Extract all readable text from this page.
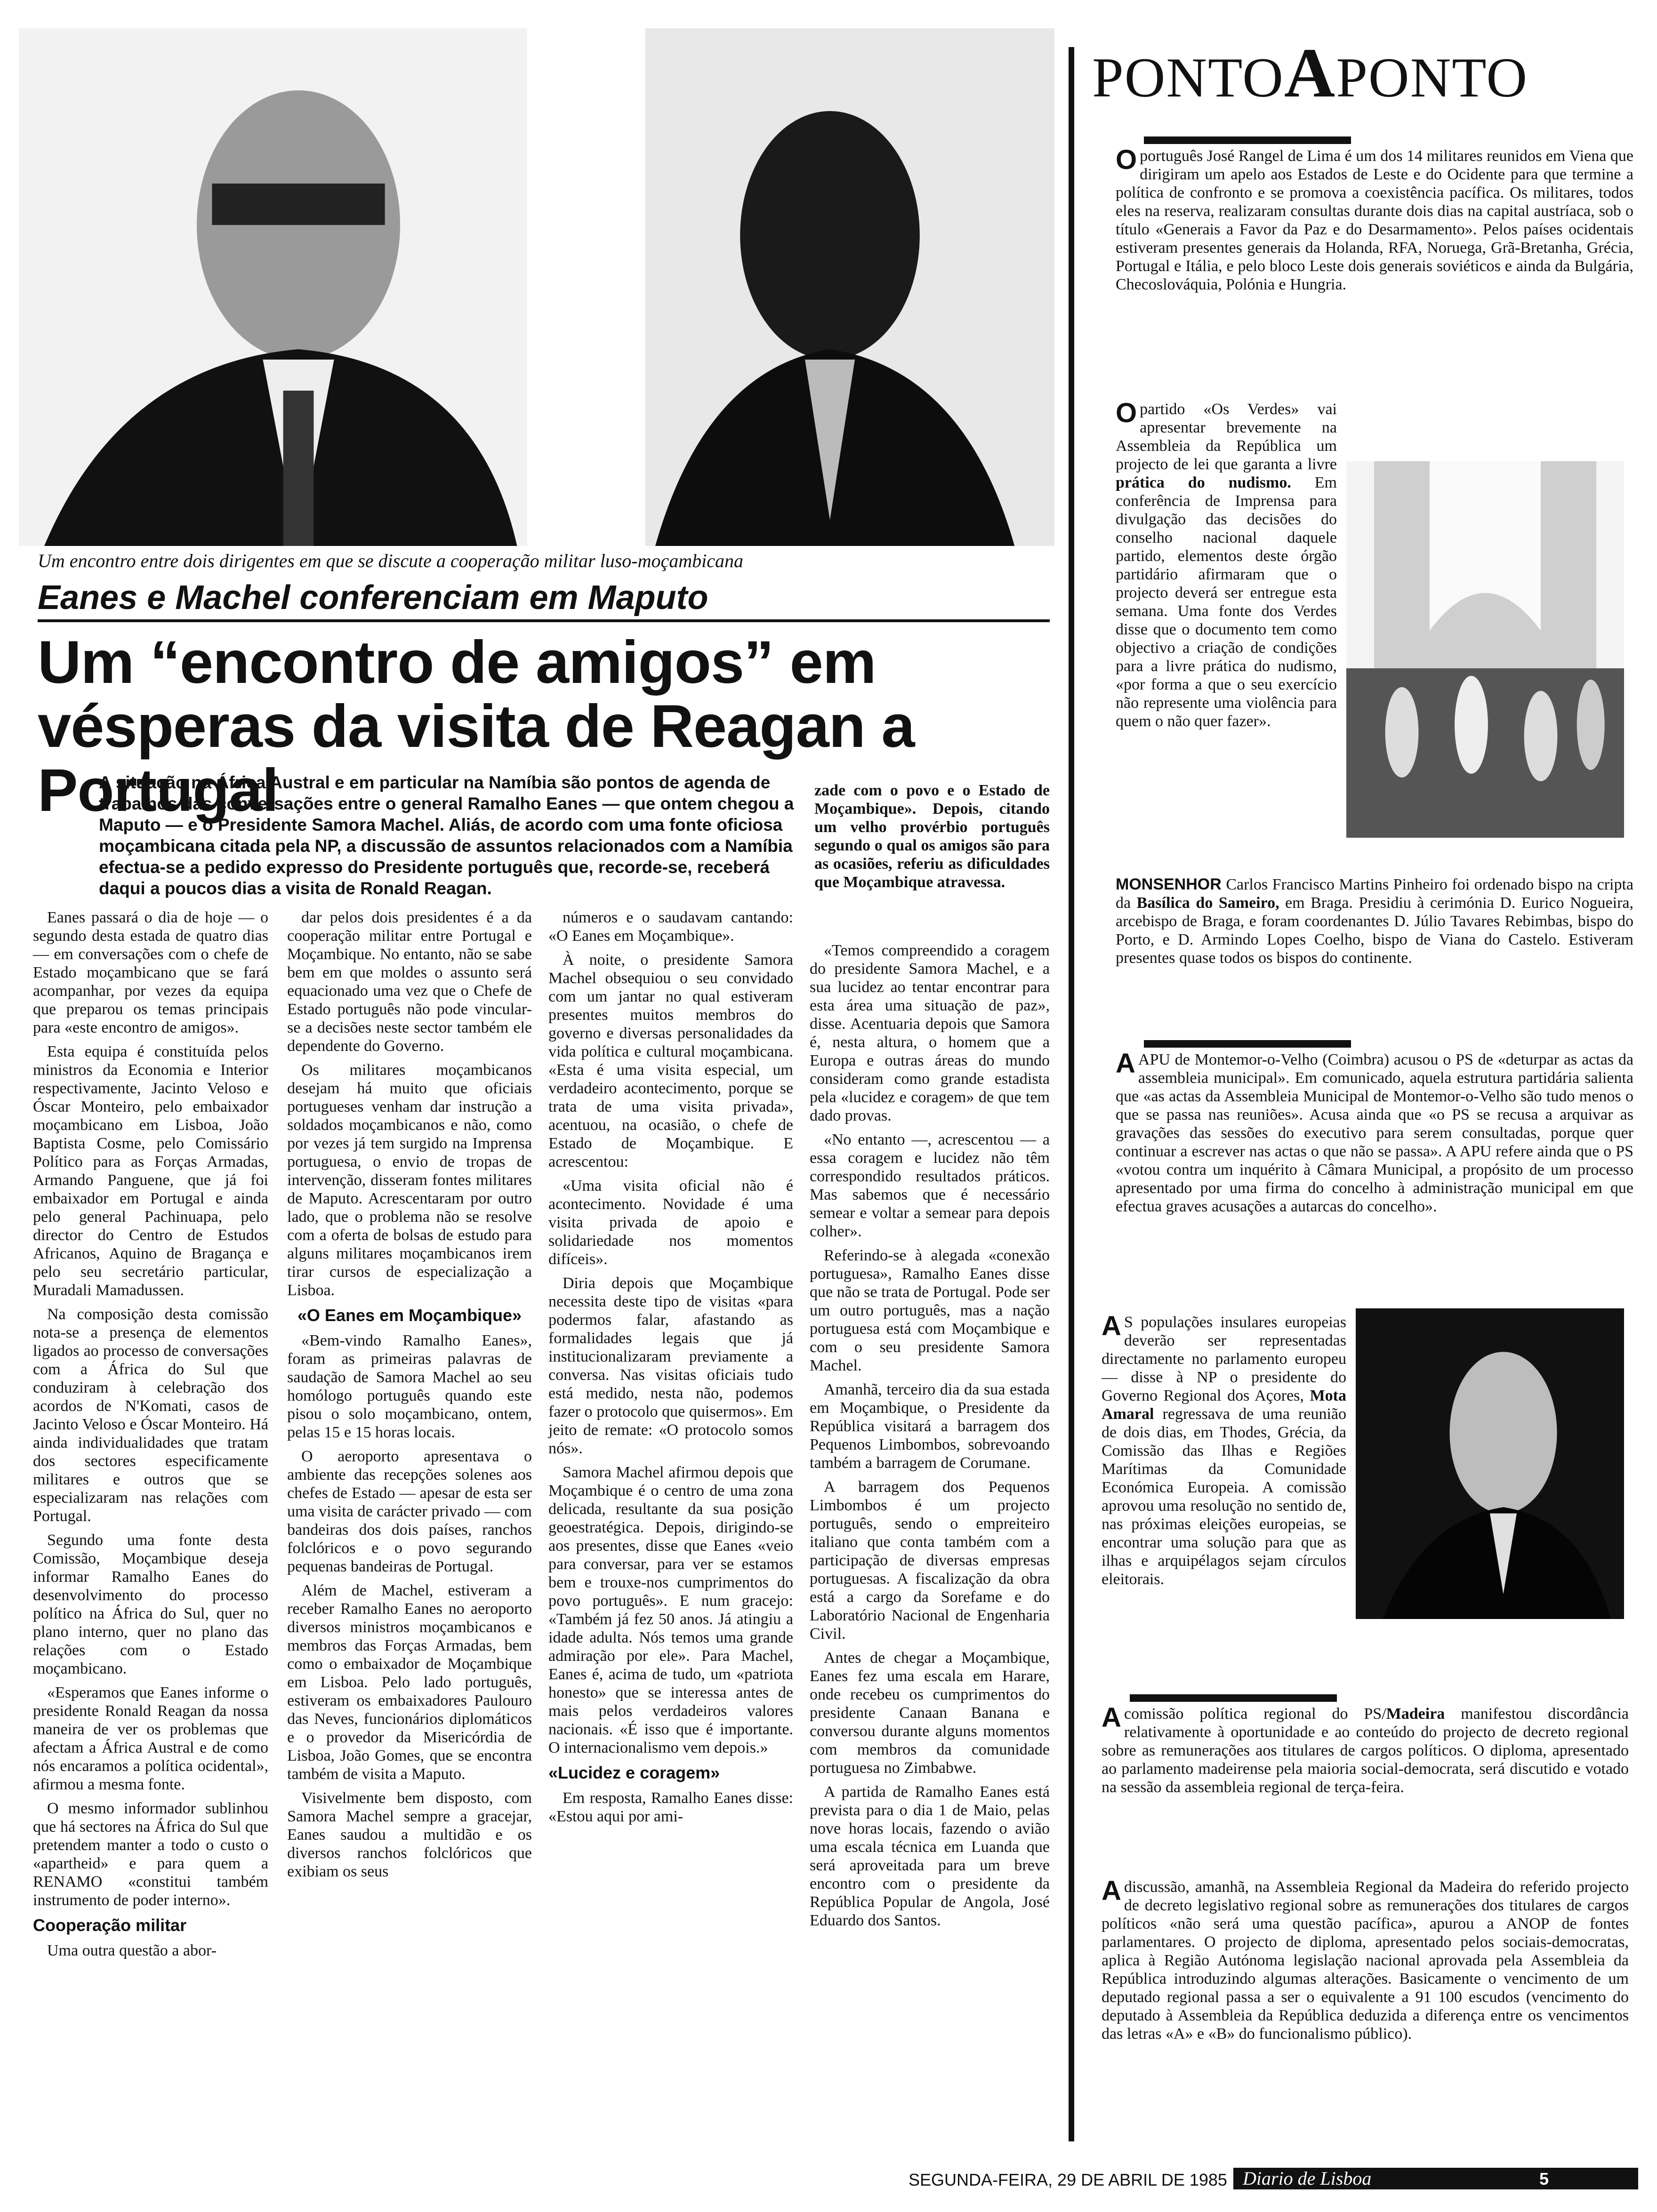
Um encontro entre dois dirigentes em que se discute a cooperação militar luso-moçambicana
Eanes e Machel conferenciam em Maputo
Um “encontro de amigos” em vésperas da visita de Reagan a Portugal
A situação na África Austral e em particular na Namíbia são pontos de agenda de trabalhos das conversações entre o general Ramalho Eanes — que ontem chegou a Maputo — e o Presidente Samora Machel. Aliás, de acordo com uma fonte oficiosa moçambicana citada pela NP, a discussão de assuntos relacionados com a Namíbia efectua-se a pedido expresso do Presidente português que, recorde-se, receberá daqui a poucos dias a visita de Ronald Reagan.
zade com o povo e o Estado de Moçambique». Depois, citando um velho provérbio português segundo o qual os amigos são para as ocasiões, referiu as dificuldades que Moçambique atravessa.

Eanes passará o dia de hoje — o segundo desta estada de quatro dias — em conversações com o chefe de Estado moçambicano que se fará acompanhar, por vezes da equipa que preparou os temas principais para «este encontro de amigos».

Esta equipa é constituída pelos ministros da Economia e Interior respectivamente, Jacinto Veloso e Óscar Monteiro, pelo embaixador moçambicano em Lisboa, João Baptista Cosme, pelo Comissário Político para as Forças Armadas, Armando Panguene, que já foi embaixador em Portugal e ainda pelo general Pachinuapa, pelo director do Centro de Estudos Africanos, Aquino de Bragança e pelo seu secretário particular, Muradali Mamadussen.

Na composição desta comissão nota-se a presença de elementos ligados ao processo de conversações com a África do Sul que conduziram à celebração dos acordos de N'Komati, casos de Jacinto Veloso e Óscar Monteiro. Há ainda individualidades que tratam dos sectores especificamente militares e outros que se especializaram nas relações com Portugal.

Segundo uma fonte desta Comissão, Moçambique deseja informar Ramalho Eanes do desenvolvimento do processo político na África do Sul, quer no plano interno, quer no plano das relações com o Estado moçambicano.

«Esperamos que Eanes informe o presidente Ronald Reagan da nossa maneira de ver os problemas que afectam a África Austral e de como nós encaramos a política ocidental», afirmou a mesma fonte.

O mesmo informador sublinhou que há sectores na África do Sul que pretendem manter a todo o custo o «apartheid» e para quem a RENAMO «constitui também instrumento de poder interno».

Cooperação militar

Uma outra questão a abor-

dar pelos dois presidentes é a da cooperação militar entre Portugal e Moçambique. No entanto, não se sabe bem em que moldes o assunto será equacionado uma vez que o Chefe de Estado português não pode vincular-se a decisões neste sector também ele dependente do Governo.

Os militares moçambicanos desejam há muito que oficiais portugueses venham dar instrução a soldados moçambicanos e não, como por vezes já tem surgido na Imprensa portuguesa, o envio de tropas de intervenção, disseram fontes militares de Maputo. Acrescentaram por outro lado, que o problema não se resolve com a oferta de bolsas de estudo para alguns militares moçambicanos irem tirar cursos de especialização a Lisboa.

«O Eanes em Moçambique»

«Bem-vindo Ramalho Eanes», foram as primeiras palavras de saudação de Samora Machel ao seu homólogo português quando este pisou o solo moçambicano, ontem, pelas 15 e 15 horas locais.

O aeroporto apresentava o ambiente das recepções solenes aos chefes de Estado — apesar de esta ser uma visita de carácter privado — com bandeiras dos dois países, ranchos folclóricos e o povo segurando pequenas bandeiras de Portugal.

Além de Machel, estiveram a receber Ramalho Eanes no aeroporto diversos ministros moçambicanos e membros das Forças Armadas, bem como o embaixador de Moçambique em Lisboa. Pelo lado português, estiveram os embaixadores Paulouro das Neves, funcionários diplomáticos e o provedor da Misericórdia de Lisboa, João Gomes, que se encontra também de visita a Maputo.

Visivelmente bem disposto, com Samora Machel sempre a gracejar, Eanes saudou a multidão e os diversos ranchos folclóricos que exibiam os seus

números e o saudavam cantando: «O Eanes em Moçambique».

À noite, o presidente Samora Machel obsequiou o seu convidado com um jantar no qual estiveram presentes muitos membros do governo e diversas personalidades da vida política e cultural moçambicana. «Esta é uma visita especial, um verdadeiro acontecimento, porque se trata de uma visita privada», acentuou, na ocasião, o chefe de Estado de Moçambique. E acrescentou:

«Uma visita oficial não é acontecimento. Novidade é uma visita privada de apoio e solidariedade nos momentos difíceis».

Diria depois que Moçambique necessita deste tipo de visitas «para podermos falar, afastando as formalidades legais que já institucionalizaram previamente a conversa. Nas visitas oficiais tudo está medido, nesta não, podemos fazer o protocolo que quisermos». Em jeito de remate: «O protocolo somos nós».

Samora Machel afirmou depois que Moçambique é o centro de uma zona delicada, resultante da sua posição geoestratégica. Depois, dirigindo-se aos presentes, disse que Eanes «veio para conversar, para ver se estamos bem e trouxe-nos cumprimentos do povo português». E num gracejo: «Também já fez 50 anos. Já atingiu a idade adulta. Nós temos uma grande admiração por ele». Para Machel, Eanes é, acima de tudo, um «patriota honesto» que se interessa antes de mais pelos verdadeiros valores nacionais. «É isso que é importante. O internacionalismo vem depois.»

«Lucidez e coragem»

Em resposta, Ramalho Eanes disse: «Estou aqui por ami-

«Temos compreendido a coragem do presidente Samora Machel, e a sua lucidez ao tentar encontrar para esta área uma situação de paz», disse. Acentuaria depois que Samora é, nesta altura, o homem que a Europa e outras áreas do mundo consideram como grande estadista pela «lucidez e coragem» de que tem dado provas.

«No entanto —, acrescentou — a essa coragem e lucidez não têm correspondido resultados práticos. Mas sabemos que é necessário semear e voltar a semear para depois colher».

Referindo-se à alegada «conexão portuguesa», Ramalho Eanes disse que não se trata de Portugal. Pode ser um outro português, mas a nação portuguesa está com Moçambique e com o seu presidente Samora Machel.

Amanhã, terceiro dia da sua estada em Moçambique, o Presidente da República visitará a barragem dos Pequenos Limbombos, sobrevoando também a barragem de Corumane.

A barragem dos Pequenos Limbombos é um projecto português, sendo o empreiteiro italiano que conta também com a participação de diversas empresas portuguesas. A fiscalização da obra está a cargo da Sorefame e do Laboratório Nacional de Engenharia Civil.

Antes de chegar a Moçambique, Eanes fez uma escala em Harare, onde recebeu os cumprimentos do presidente Canaan Banana e conversou durante alguns momentos com membros da comunidade portuguesa no Zimbabwe.

A partida de Ramalho Eanes está prevista para o dia 1 de Maio, pelas nove horas locais, fazendo o avião uma escala técnica em Luanda que será aproveitada para um breve encontro com o presidente da República Popular de Angola, José Eduardo dos Santos.

PONTOAPONTO
O português José Rangel de Lima é um dos 14 militares reunidos em Viena que dirigiram um apelo aos Estados de Leste e do Ocidente para que termine a política de confronto e se promova a coexistência pacífica. Os militares, todos eles na reserva, realizaram consultas durante dois dias na capital austríaca, sob o título «Generais a Favor da Paz e do Desarmamento». Pelos países ocidentais estiveram presentes generais da Holanda, RFA, Noruega, Grã-Bretanha, Grécia, Portugal e Itália, e pelo bloco Leste dois generais soviéticos e ainda da Bulgária, Checoslováquia, Polónia e Hungria.
O partido «Os Verdes» vai apresentar brevemente na Assembleia da República um projecto de lei que garanta a livre prática do nudismo. Em conferência de Imprensa para divulgação das decisões do conselho nacional daquele partido, elementos deste órgão partidário afirmaram que o projecto deverá ser entregue esta semana. Uma fonte dos Verdes disse que o documento tem como objectivo a criação de condições para a livre prática do nudismo, «por forma a que o seu exercício não represente uma violência para quem o não quer fazer».
MONSENHOR Carlos Francisco Martins Pinheiro foi ordenado bispo na cripta da Basílica do Sameiro, em Braga. Presidiu à cerimónia D. Eurico Nogueira, arcebispo de Braga, e foram coordenantes D. Júlio Tavares Rebimbas, bispo do Porto, e D. Armindo Lopes Coelho, bispo de Viana do Castelo. Estiveram presentes quase todos os bispos do continente.
A APU de Montemor-o-Velho (Coimbra) acusou o PS de «deturpar as actas da assembleia municipal». Em comunicado, aquela estrutura partidária salienta que «as actas da Assembleia Municipal de Montemor-o-Velho são tudo menos o que se passa nas reuniões». Acusa ainda que «o PS se recusa a arquivar as gravações das sessões do executivo para serem consultadas, porque quer continuar a escrever nas actas o que não se passa». A APU refere ainda que o PS «votou contra um inquérito à Câmara Municipal, a propósito de um processo apresentado por uma firma do concelho à administração municipal em que efectua graves acusações a autarcas do concelho».
A S populações insulares europeias deverão ser representadas directamente no parlamento europeu — disse à NP o presidente do Governo Regional dos Açores, Mota Amaral regressava de uma reunião de dois dias, em Thodes, Grécia, da Comissão das Ilhas e Regiões Marítimas da Comunidade Económica Europeia. A comissão aprovou uma resolução no sentido de, nas próximas eleições europeias, se encontrar uma solução para que as ilhas e arquipélagos sejam círculos eleitorais.
A comissão política regional do PS/Madeira manifestou discordância relativamente à oportunidade e ao conteúdo do projecto de decreto regional sobre as remunerações aos titulares de cargos políticos. O diploma, apresentado ao parlamento madeirense pela maioria social-democrata, será discutido e votado na sessão da assembleia regional de terça-feira.
A discussão, amanhã, na Assembleia Regional da Madeira do referido projecto de decreto legislativo regional sobre as remunerações dos titulares de cargos políticos «não será uma questão pacífica», apurou a ANOP de fontes parlamentares. O projecto de diploma, apresentado pelos sociais-democratas, aplica à Região Autónoma legislação nacional aprovada pela Assembleia da República introduzindo algumas alterações. Basicamente o vencimento de um deputado regional passa a ser o equivalente a 91 100 escudos (vencimento do deputado à Assembleia da República deduzida a diferença entre os vencimentos das letras «A» e «B» do funcionalismo público).
SEGUNDA-FEIRA, 29 DE ABRIL DE 1985 Diario de Lisboa	5
